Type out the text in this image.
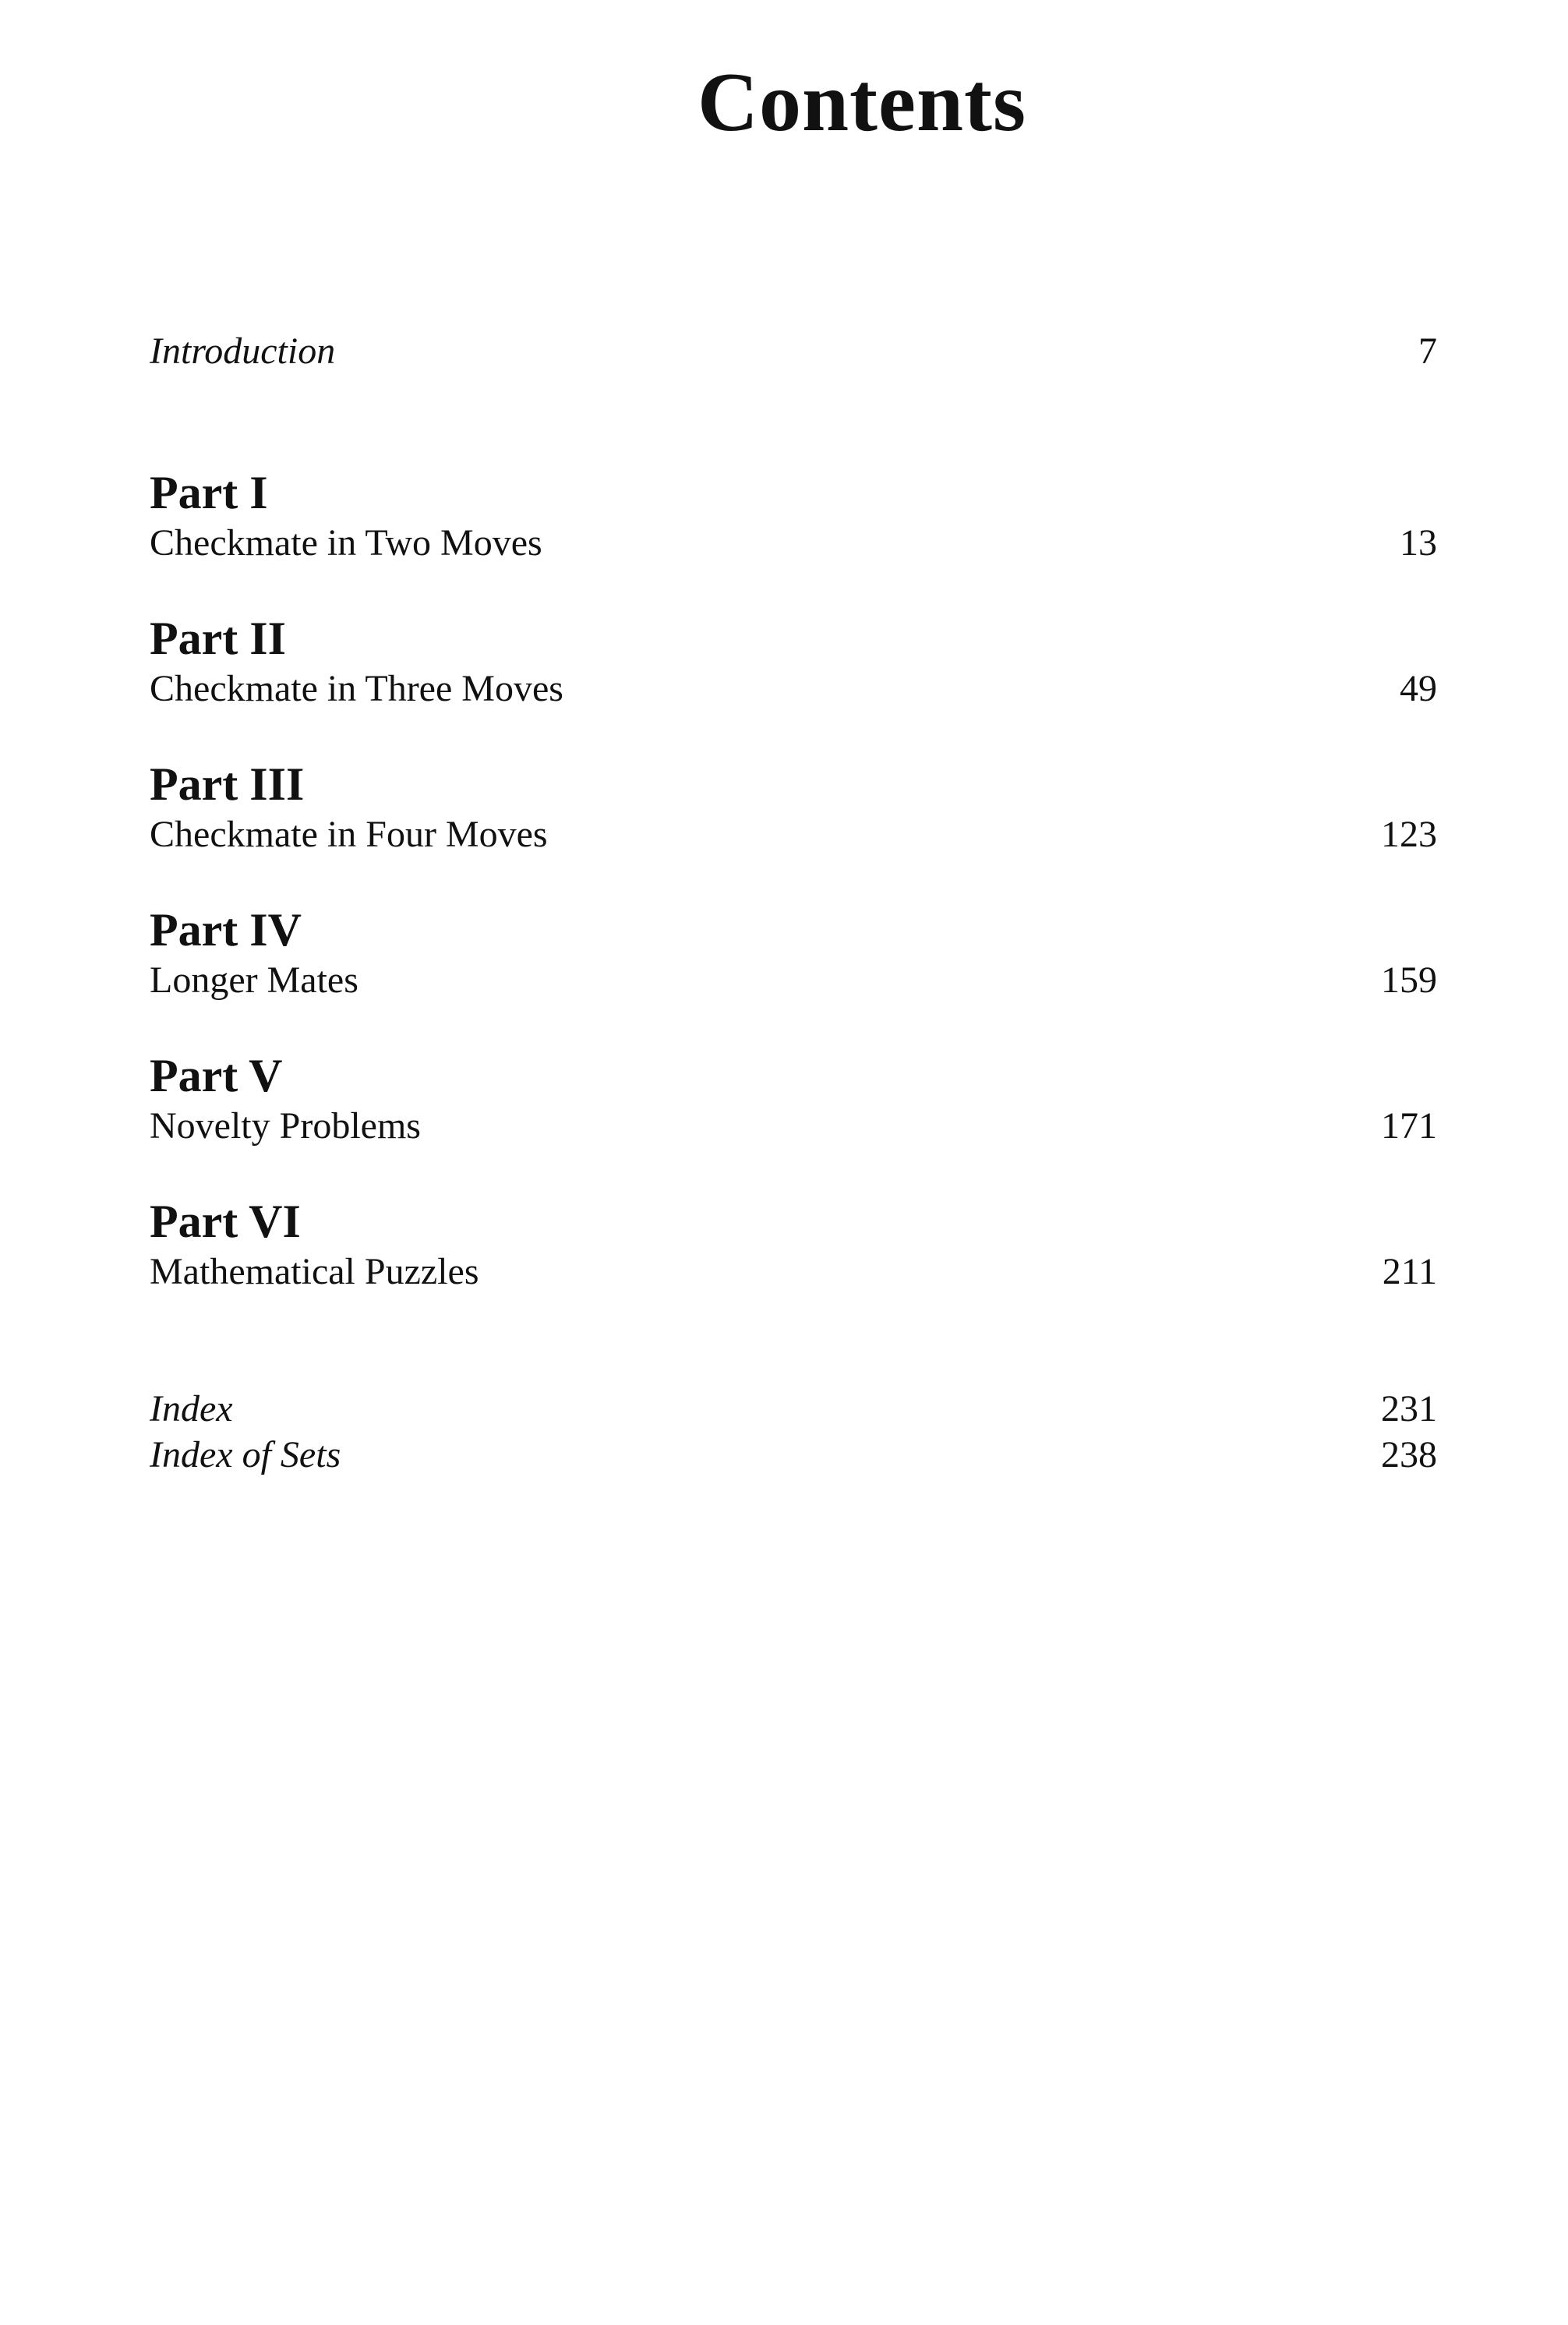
Contents
Introduction	7
Part I
Checkmate in Two Moves	13
Part II
Checkmate in Three Moves	49
Part III
Checkmate in Four Moves	123
Part IV
Longer Mates	159
Part V
Novelty Problems	171
Part VI
Mathematical Puzzles	211
Index	231
Index of Sets	238
